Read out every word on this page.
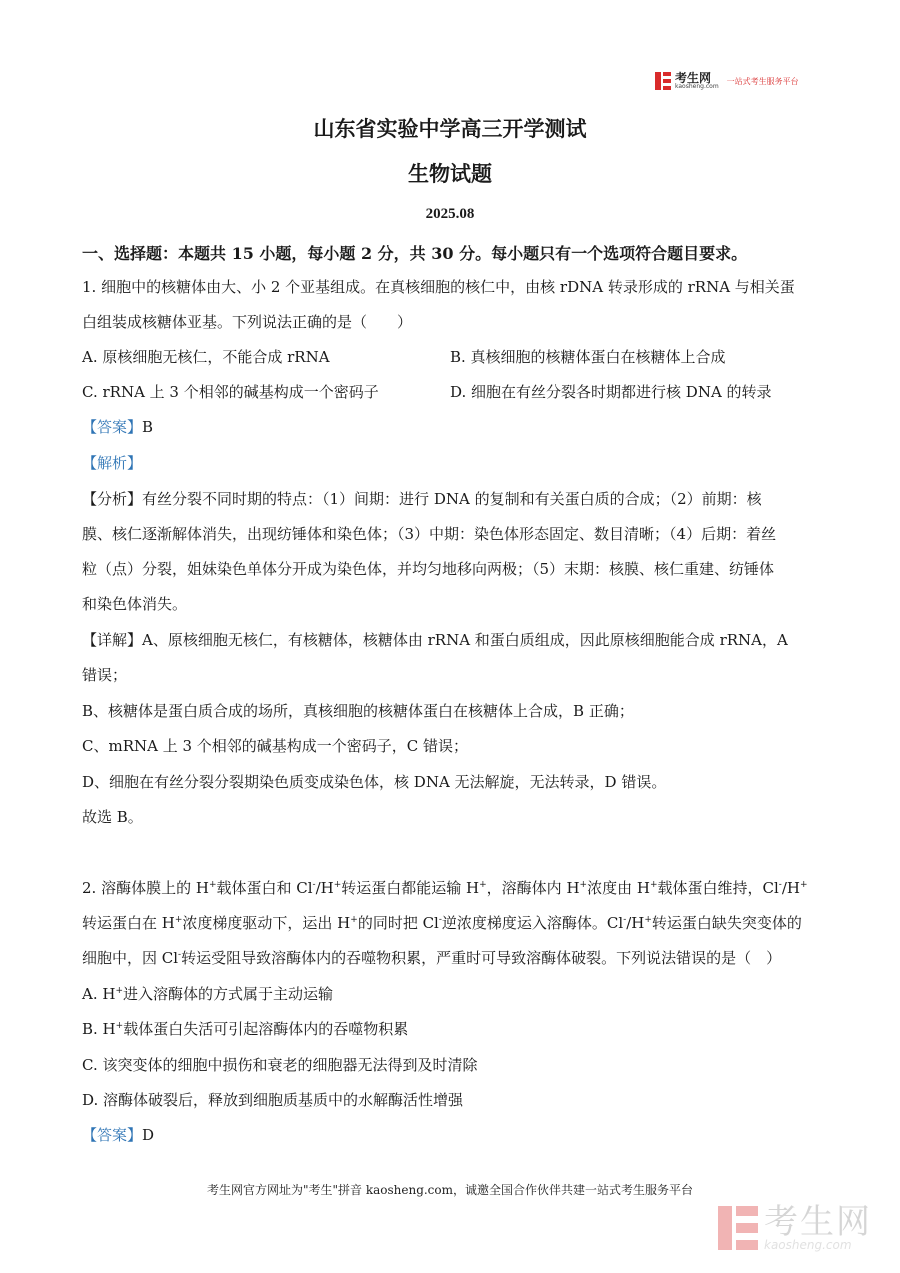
考生网
kaosheng.com
一站式考生服务平台
山东省实验中学高三开学测试
生物试题
2025.08
一、选择题：本题共 15 小题，每小题 2 分，共 30 分。每小题只有一个选项符合题目要求。
1. 细胞中的核糖体由大、小 2 个亚基组成。在真核细胞的核仁中，由核 rDNA 转录形成的 rRNA 与相关蛋
白组装成核糖体亚基。下列说法正确的是（　　）
A. 原核细胞无核仁，不能合成 rRNA	B. 真核细胞的核糖体蛋白在核糖体上合成
C. rRNA 上 3 个相邻的碱基构成一个密码子	D. 细胞在有丝分裂各时期都进行核 DNA 的转录
【答案】B
【解析】
【分析】有丝分裂不同时期的特点：（1）间期：进行 DNA 的复制和有关蛋白质的合成；（2）前期：核
膜、核仁逐渐解体消失，出现纺锤体和染色体；（3）中期：染色体形态固定、数目清晰；（4）后期：着丝
粒（点）分裂，姐妹染色单体分开成为染色体，并均匀地移向两极；（5）末期：核膜、核仁重建、纺锤体
和染色体消失。
【详解】A、原核细胞无核仁，有核糖体，核糖体由 rRNA 和蛋白质组成，因此原核细胞能合成 rRNA，A
错误；
B、核糖体是蛋白质合成的场所，真核细胞的核糖体蛋白在核糖体上合成，B 正确；
C、mRNA 上 3 个相邻的碱基构成一个密码子，C 错误；
D、细胞在有丝分裂分裂期染色质变成染色体，核 DNA 无法解旋，无法转录，D 错误。
故选 B。
2. 溶酶体膜上的 H+载体蛋白和 Cl-/H+转运蛋白都能运输 H+，溶酶体内 H+浓度由 H+载体蛋白维持，Cl-/H+
转运蛋白在 H+浓度梯度驱动下，运出 H+的同时把 Cl-逆浓度梯度运入溶酶体。Cl-/H+转运蛋白缺失突变体的
细胞中，因 Cl-转运受阻导致溶酶体内的吞噬物积累，严重时可导致溶酶体破裂。下列说法错误的是（　）
A. H+进入溶酶体的方式属于主动运输
B. H+载体蛋白失活可引起溶酶体内的吞噬物积累
C. 该突变体的细胞中损伤和衰老的细胞器无法得到及时清除
D. 溶酶体破裂后，释放到细胞质基质中的水解酶活性增强
【答案】D
考生网官方网址为"考生"拼音 kaosheng.com，诚邀全国合作伙伴共建一站式考生服务平台
考生网
kaosheng.com
